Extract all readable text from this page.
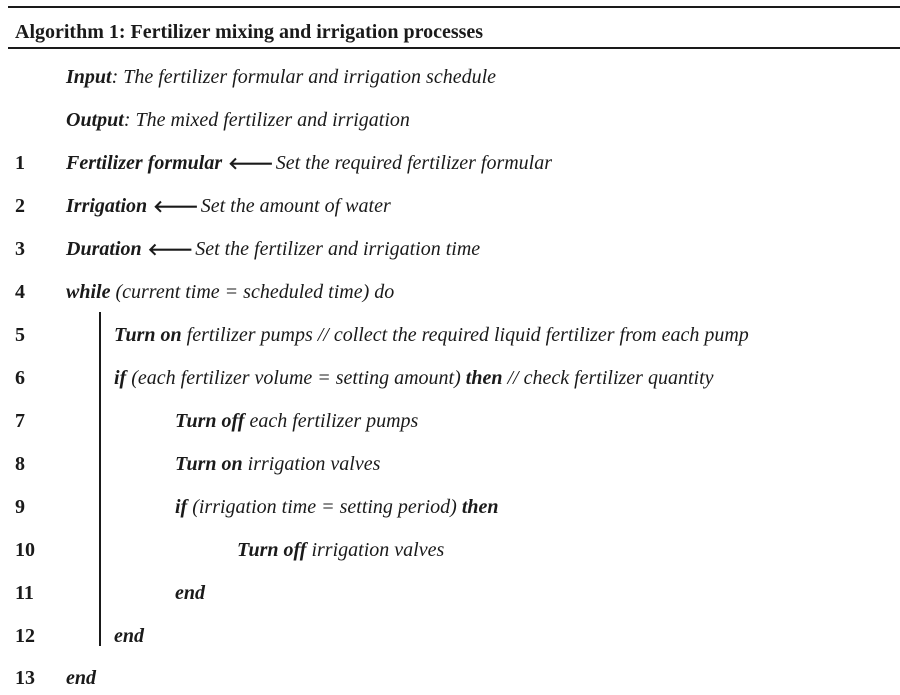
Algorithm 1: Fertilizer mixing and irrigation processes
Input: The fertilizer formular and irrigation schedule
Output: The mixed fertilizer and irrigation
1 Fertilizer formular 🡐 Set the required fertilizer formular
2 Irrigation 🡐 Set the amount of water
3 Duration 🡐 Set the fertilizer and irrigation time
4 while (current time = scheduled time) do
5	Turn on fertilizer pumps // collect the required liquid fertilizer from each pump
6	if (each fertilizer volume = setting amount) then // check fertilizer quantity
7	Turn off each fertilizer pumps
8	Turn on irrigation valves
9	if (irrigation time = setting period) then
10	Turn off irrigation valves
11	end
12	end
13 end
